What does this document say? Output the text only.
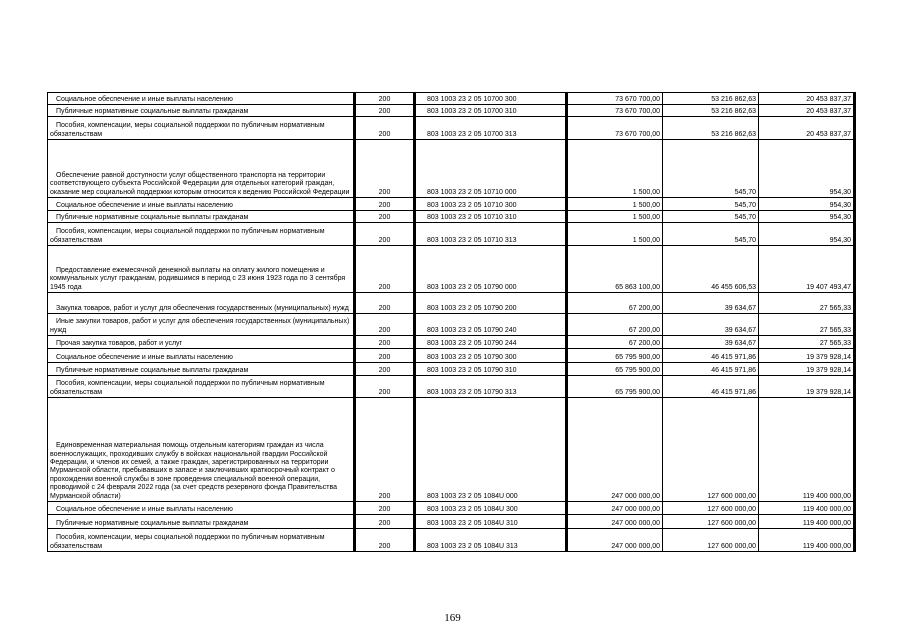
Социальное обеспечение и иные выплаты населению	200	803 1003 23 2 05 10700 300	73 670 700,00	53 216 862,63	20 453 837,37
Публичные нормативные социальные выплаты гражданам	200	803 1003 23 2 05 10700 310	73 670 700,00	53 216 862,63	20 453 837,37
Пособия, компенсации, меры социальной поддержки по публичным нормативным обязательствам	200	803 1003 23 2 05 10700 313	73 670 700,00	53 216 862,63	20 453 837,37
Обеспечение равной доступности услуг общественного транспорта на территории соответствующего субъекта Российской Федерации для отдельных категорий граждан, оказание мер социальной поддержки которым относится к ведению Российской Федерации	200	803 1003 23 2 05 10710 000	1 500,00	545,70	954,30
Социальное обеспечение и иные выплаты населению	200	803 1003 23 2 05 10710 300	1 500,00	545,70	954,30
Публичные нормативные социальные выплаты гражданам	200	803 1003 23 2 05 10710 310	1 500,00	545,70	954,30
Пособия, компенсации, меры социальной поддержки по публичным нормативным обязательствам	200	803 1003 23 2 05 10710 313	1 500,00	545,70	954,30
Предоставление ежемесячной денежной выплаты на оплату жилого помещения и коммунальных услуг гражданам, родившимся в период с 23 июня 1923 года по 3 сентября 1945 года	200	803 1003 23 2 05 10790 000	65 863 100,00	46 455 606,53	19 407 493,47
Закупка товаров, работ и услуг для обеспечения государственных (муниципальных) нужд	200	803 1003 23 2 05 10790 200	67 200,00	39 634,67	27 565,33
Иные закупки товаров, работ и услуг для обеспечения государственных (муниципальных) нужд	200	803 1003 23 2 05 10790 240	67 200,00	39 634,67	27 565,33
Прочая закупка товаров, работ и услуг	200	803 1003 23 2 05 10790 244	67 200,00	39 634,67	27 565,33
Социальное обеспечение и иные выплаты населению	200	803 1003 23 2 05 10790 300	65 795 900,00	46 415 971,86	19 379 928,14
Публичные нормативные социальные выплаты гражданам	200	803 1003 23 2 05 10790 310	65 795 900,00	46 415 971,86	19 379 928,14
Пособия, компенсации, меры социальной поддержки по публичным нормативным обязательствам	200	803 1003 23 2 05 10790 313	65 795 900,00	46 415 971,86	19 379 928,14
Единовременная материальная помощь отдельным категориям граждан из числа военнослужащих, проходивших службу в войсках национальной гвардии Российской Федерации, и членов их семей, а также граждан, зарегистрированных на территории Мурманской области, пребывавших в запасе и заключивших краткосрочный контракт о прохождении военной службы в зоне проведения специальной военной операции, проводимой с 24 февраля 2022 года (за счет средств резервного фонда Правительства Мурманской области)	200	803 1003 23 2 05 1084U 000	247 000 000,00	127 600 000,00	119 400 000,00
Социальное обеспечение и иные выплаты населению	200	803 1003 23 2 05 1084U 300	247 000 000,00	127 600 000,00	119 400 000,00
Публичные нормативные социальные выплаты гражданам	200	803 1003 23 2 05 1084U 310	247 000 000,00	127 600 000,00	119 400 000,00
Пособия, компенсации, меры социальной поддержки по публичным нормативным обязательствам	200	803 1003 23 2 05 1084U 313	247 000 000,00	127 600 000,00	119 400 000,00
169
